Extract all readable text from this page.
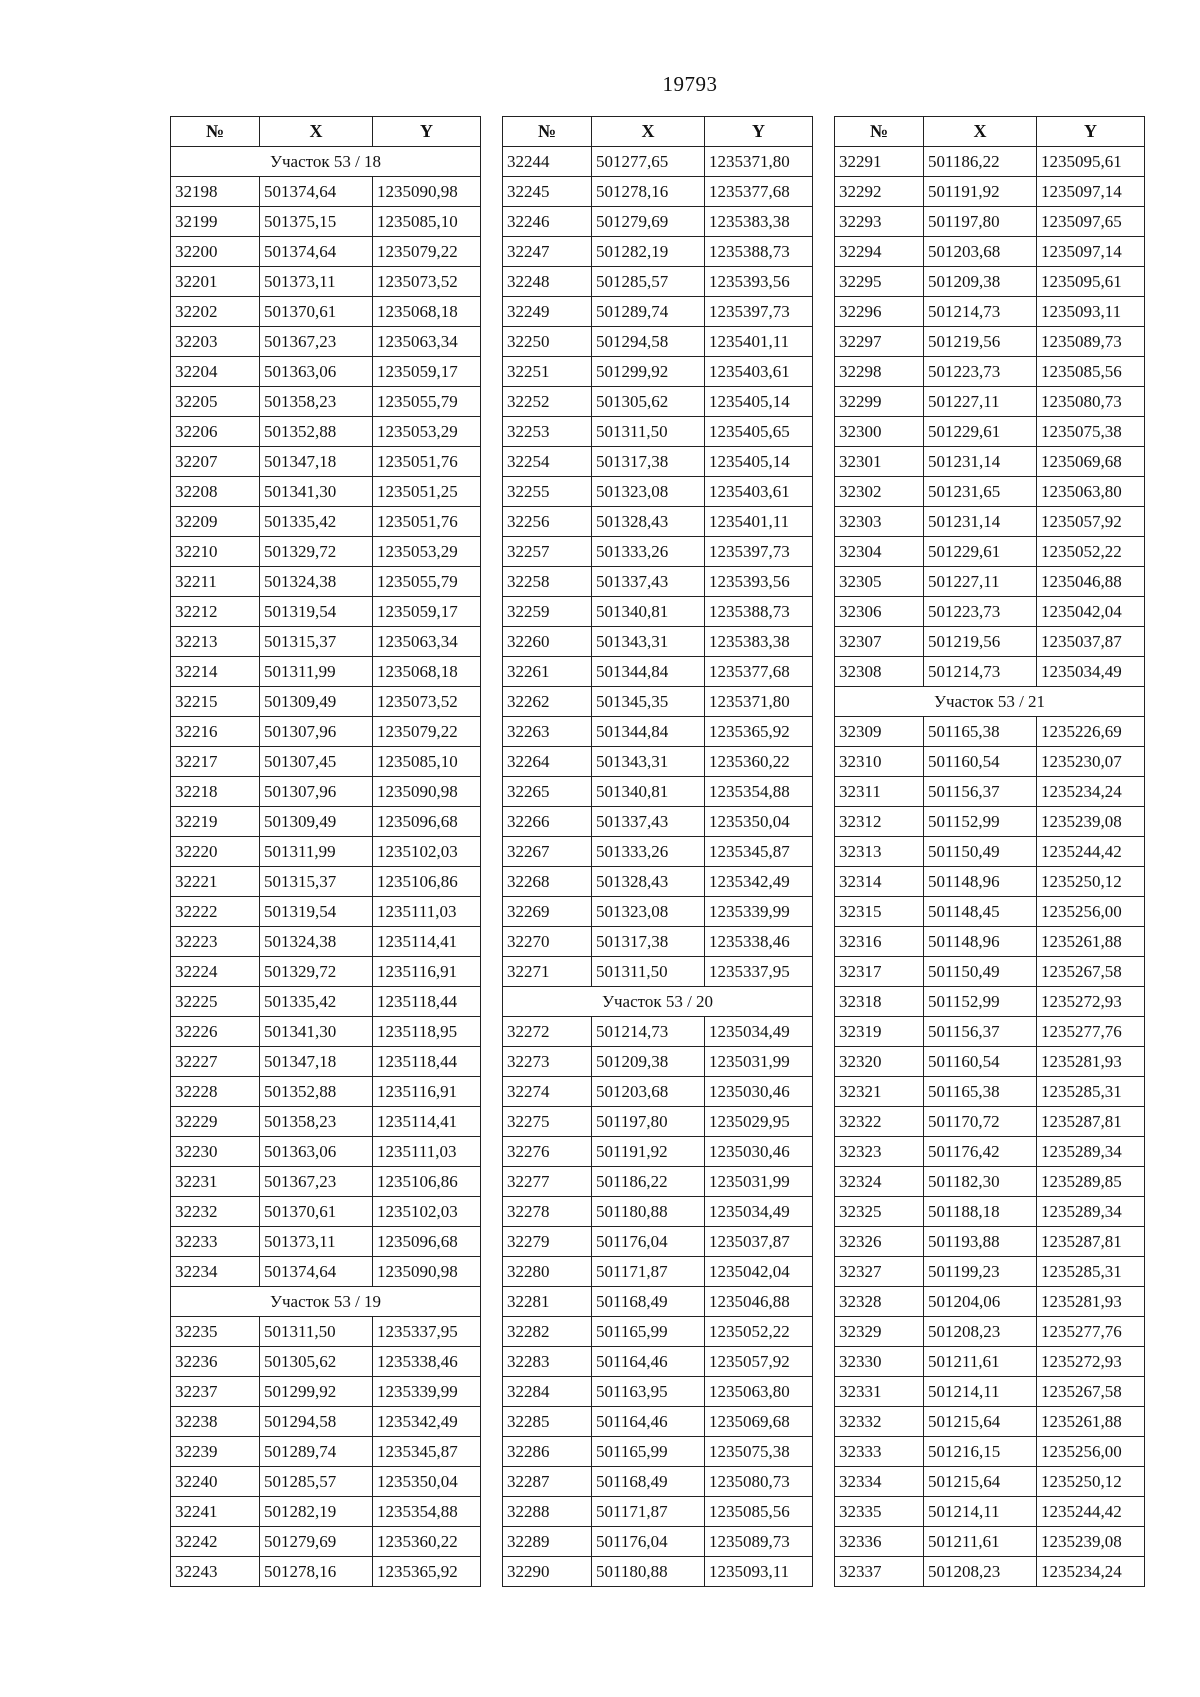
19793
№	X	Y
Участок 53 / 18		
32198	501374,64	1235090,98
32199	501375,15	1235085,10
32200	501374,64	1235079,22
32201	501373,11	1235073,52
32202	501370,61	1235068,18
32203	501367,23	1235063,34
32204	501363,06	1235059,17
32205	501358,23	1235055,79
32206	501352,88	1235053,29
32207	501347,18	1235051,76
32208	501341,30	1235051,25
32209	501335,42	1235051,76
32210	501329,72	1235053,29
32211	501324,38	1235055,79
32212	501319,54	1235059,17
32213	501315,37	1235063,34
32214	501311,99	1235068,18
32215	501309,49	1235073,52
32216	501307,96	1235079,22
32217	501307,45	1235085,10
32218	501307,96	1235090,98
32219	501309,49	1235096,68
32220	501311,99	1235102,03
32221	501315,37	1235106,86
32222	501319,54	1235111,03
32223	501324,38	1235114,41
32224	501329,72	1235116,91
32225	501335,42	1235118,44
32226	501341,30	1235118,95
32227	501347,18	1235118,44
32228	501352,88	1235116,91
32229	501358,23	1235114,41
32230	501363,06	1235111,03
32231	501367,23	1235106,86
32232	501370,61	1235102,03
32233	501373,11	1235096,68
32234	501374,64	1235090,98
Участок 53 / 19		
32235	501311,50	1235337,95
32236	501305,62	1235338,46
32237	501299,92	1235339,99
32238	501294,58	1235342,49
32239	501289,74	1235345,87
32240	501285,57	1235350,04
32241	501282,19	1235354,88
32242	501279,69	1235360,22
32243	501278,16	1235365,92
№	X	Y
32244	501277,65	1235371,80
32245	501278,16	1235377,68
32246	501279,69	1235383,38
32247	501282,19	1235388,73
32248	501285,57	1235393,56
32249	501289,74	1235397,73
32250	501294,58	1235401,11
32251	501299,92	1235403,61
32252	501305,62	1235405,14
32253	501311,50	1235405,65
32254	501317,38	1235405,14
32255	501323,08	1235403,61
32256	501328,43	1235401,11
32257	501333,26	1235397,73
32258	501337,43	1235393,56
32259	501340,81	1235388,73
32260	501343,31	1235383,38
32261	501344,84	1235377,68
32262	501345,35	1235371,80
32263	501344,84	1235365,92
32264	501343,31	1235360,22
32265	501340,81	1235354,88
32266	501337,43	1235350,04
32267	501333,26	1235345,87
32268	501328,43	1235342,49
32269	501323,08	1235339,99
32270	501317,38	1235338,46
32271	501311,50	1235337,95
Участок 53 / 20		
32272	501214,73	1235034,49
32273	501209,38	1235031,99
32274	501203,68	1235030,46
32275	501197,80	1235029,95
32276	501191,92	1235030,46
32277	501186,22	1235031,99
32278	501180,88	1235034,49
32279	501176,04	1235037,87
32280	501171,87	1235042,04
32281	501168,49	1235046,88
32282	501165,99	1235052,22
32283	501164,46	1235057,92
32284	501163,95	1235063,80
32285	501164,46	1235069,68
32286	501165,99	1235075,38
32287	501168,49	1235080,73
32288	501171,87	1235085,56
32289	501176,04	1235089,73
32290	501180,88	1235093,11
№	X	Y
32291	501186,22	1235095,61
32292	501191,92	1235097,14
32293	501197,80	1235097,65
32294	501203,68	1235097,14
32295	501209,38	1235095,61
32296	501214,73	1235093,11
32297	501219,56	1235089,73
32298	501223,73	1235085,56
32299	501227,11	1235080,73
32300	501229,61	1235075,38
32301	501231,14	1235069,68
32302	501231,65	1235063,80
32303	501231,14	1235057,92
32304	501229,61	1235052,22
32305	501227,11	1235046,88
32306	501223,73	1235042,04
32307	501219,56	1235037,87
32308	501214,73	1235034,49
Участок 53 / 21		
32309	501165,38	1235226,69
32310	501160,54	1235230,07
32311	501156,37	1235234,24
32312	501152,99	1235239,08
32313	501150,49	1235244,42
32314	501148,96	1235250,12
32315	501148,45	1235256,00
32316	501148,96	1235261,88
32317	501150,49	1235267,58
32318	501152,99	1235272,93
32319	501156,37	1235277,76
32320	501160,54	1235281,93
32321	501165,38	1235285,31
32322	501170,72	1235287,81
32323	501176,42	1235289,34
32324	501182,30	1235289,85
32325	501188,18	1235289,34
32326	501193,88	1235287,81
32327	501199,23	1235285,31
32328	501204,06	1235281,93
32329	501208,23	1235277,76
32330	501211,61	1235272,93
32331	501214,11	1235267,58
32332	501215,64	1235261,88
32333	501216,15	1235256,00
32334	501215,64	1235250,12
32335	501214,11	1235244,42
32336	501211,61	1235239,08
32337	501208,23	1235234,24
